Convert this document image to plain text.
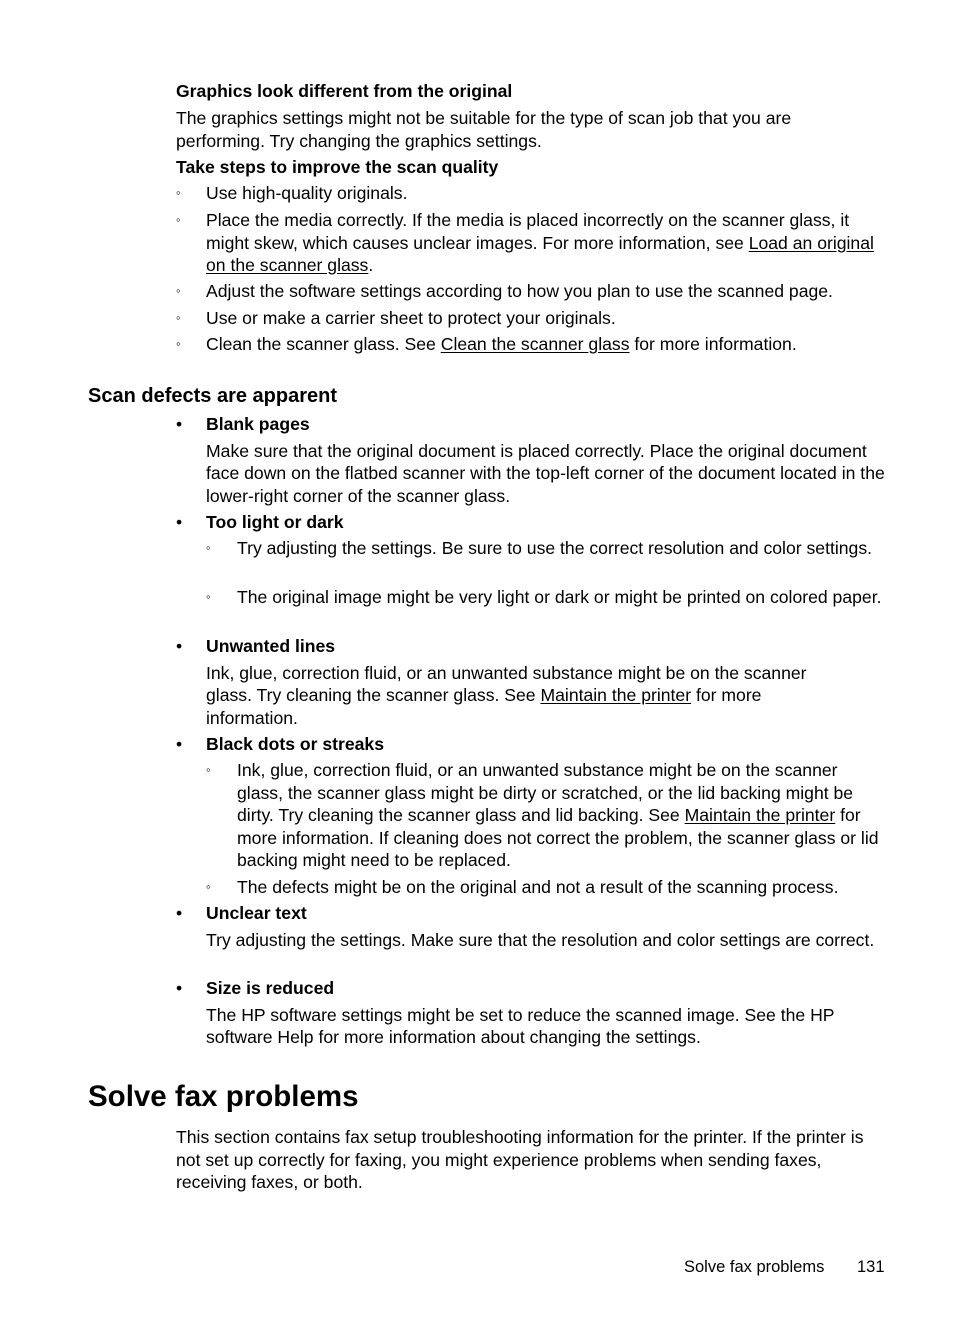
Graphics look different from the original
The graphics settings might not be suitable for the type of scan job that you are performing. Try changing the graphics settings.
Take steps to improve the scan quality
◦	Use high-quality originals.
◦	Place the media correctly. If the media is placed incorrectly on the scanner glass, it might skew, which causes unclear images. For more information, see Load an original on the scanner glass.
◦	Adjust the software settings according to how you plan to use the scanned page.
◦	Use or make a carrier sheet to protect your originals.
◦	Clean the scanner glass. See Clean the scanner glass for more information.
Scan defects are apparent
•	Blank pages
Make sure that the original document is placed correctly. Place the original document face down on the flatbed scanner with the top-left corner of the document located in the lower-right corner of the scanner glass.
•	Too light or dark
◦	Try adjusting the settings. Be sure to use the correct resolution and color settings.
◦	The original image might be very light or dark or might be printed on colored paper.
•	Unwanted lines
Ink, glue, correction fluid, or an unwanted substance might be on the scanner glass. Try cleaning the scanner glass. See Maintain the printer for more information.
•	Black dots or streaks
◦	Ink, glue, correction fluid, or an unwanted substance might be on the scanner glass, the scanner glass might be dirty or scratched, or the lid backing might be dirty. Try cleaning the scanner glass and lid backing. See Maintain the printer for more information. If cleaning does not correct the problem, the scanner glass or lid backing might need to be replaced.
◦	The defects might be on the original and not a result of the scanning process.
•	Unclear text
Try adjusting the settings. Make sure that the resolution and color settings are correct.
•	Size is reduced
The HP software settings might be set to reduce the scanned image. See the HP software Help for more information about changing the settings.
Solve fax problems
This section contains fax setup troubleshooting information for the printer. If the printer is not set up correctly for faxing, you might experience problems when sending faxes, receiving faxes, or both.
Solve fax problems 131
